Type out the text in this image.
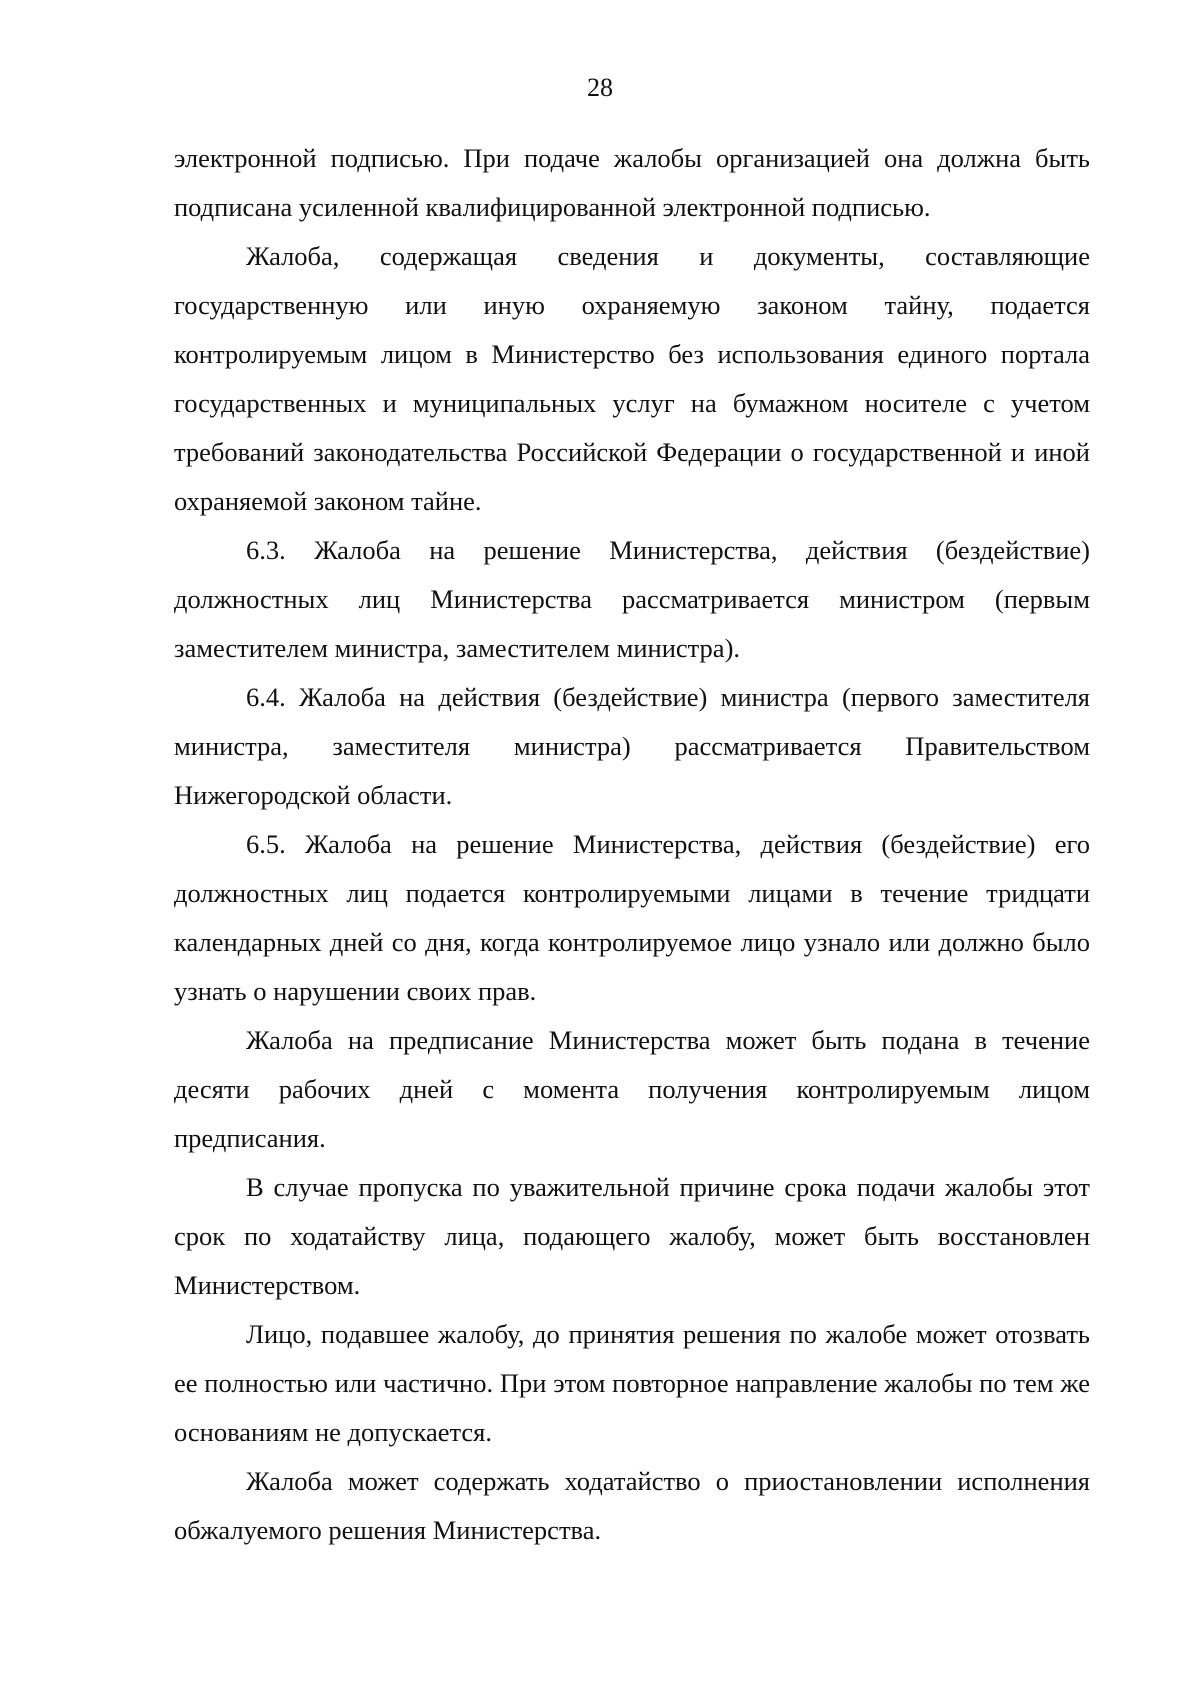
28

электронной подписью. При подаче жалобы организацией она должна быть подписана усиленной квалифицированной электронной подписью.

Жалоба, содержащая сведения и документы, составляющие государственную или иную охраняемую законом тайну, подается контролируемым лицом в Министерство без использования единого портала государственных и муниципальных услуг на бумажном носителе с учетом требований законодательства Российской Федерации о государственной и иной охраняемой законом тайне.

6.3. Жалоба на решение Министерства, действия (бездействие) должностных лиц Министерства рассматривается министром (первым заместителем министра, заместителем министра).

6.4. Жалоба на действия (бездействие) министра (первого заместителя министра, заместителя министра) рассматривается Правительством Нижегородской области.

6.5. Жалоба на решение Министерства, действия (бездействие) его должностных лиц подается контролируемыми лицами в течение тридцати календарных дней со дня, когда контролируемое лицо узнало или должно было узнать о нарушении своих прав.

Жалоба на предписание Министерства может быть подана в течение десяти рабочих дней с момента получения контролируемым лицом предписания.

В случае пропуска по уважительной причине срока подачи жалобы этот срок по ходатайству лица, подающего жалобу, может быть восстановлен Министерством.

Лицо, подавшее жалобу, до принятия решения по жалобе может отозвать ее полностью или частично. При этом повторное направление жалобы по тем же основаниям не допускается.

Жалоба может содержать ходатайство о приостановлении исполнения обжалуемого решения Министерства.
